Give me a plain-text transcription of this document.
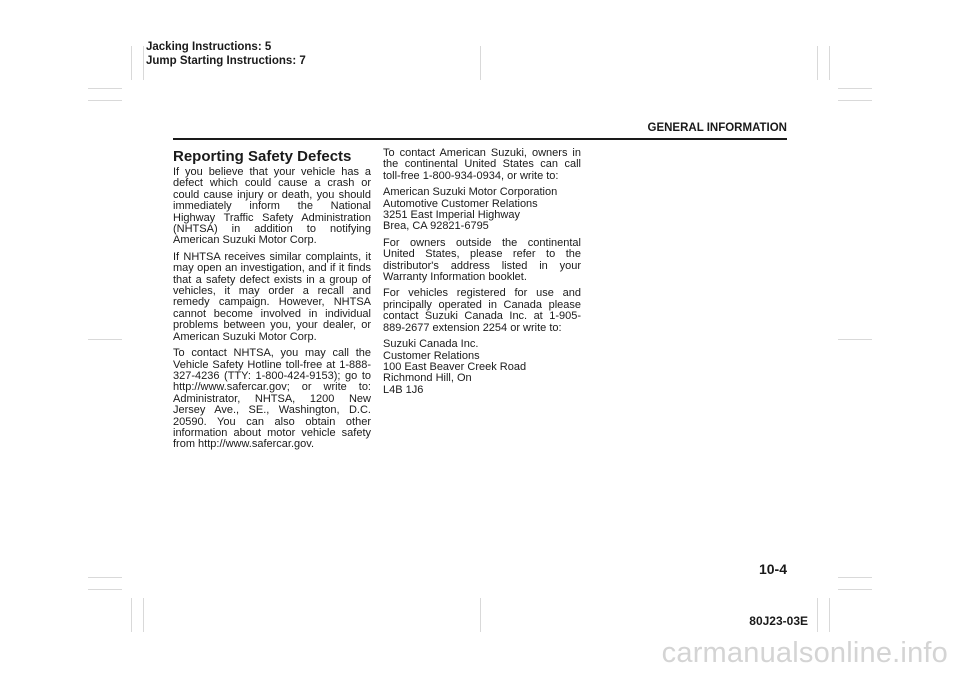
Jacking Instructions: 5
Jump Starting Instructions: 7
GENERAL INFORMATION
Reporting Safety Defects

If you believe that your vehicle has a defect which could cause a crash or could cause injury or death, you should immediately inform the National Highway Traffic Safety Administration (NHTSA) in addition to notifying American Suzuki Motor Corp.

If NHTSA receives similar complaints, it may open an investigation, and if it finds that a safety defect exists in a group of vehicles, it may order a recall and remedy campaign. However, NHTSA cannot become involved in individual problems between you, your dealer, or American Suzuki Motor Corp.

To contact NHTSA, you may call the Vehicle Safety Hotline toll-free at 1-888-327-4236 (TTY: 1-800-424-9153); go to http://www.safercar.gov; or write to: Administrator, NHTSA, 1200 New Jersey Ave., SE., Washington, D.C. 20590. You can also obtain other information about motor vehicle safety from http://www.safercar.gov.

To contact American Suzuki, owners in the continental United States can call toll-free 1-800-934-0934, or write to:

American Suzuki Motor Corporation
Automotive Customer Relations
3251 East Imperial Highway
Brea, CA 92821-6795

For owners outside the continental United States, please refer to the distributor's address listed in your Warranty Information booklet.

For vehicles registered for use and principally operated in Canada please contact Suzuki Canada Inc. at 1-905-889-2677 extension 2254 or write to:

Suzuki Canada Inc.
Customer Relations
100 East Beaver Creek Road
Richmond Hill, On
L4B 1J6

10-4
80J23-03E
carmanualsonline.info
